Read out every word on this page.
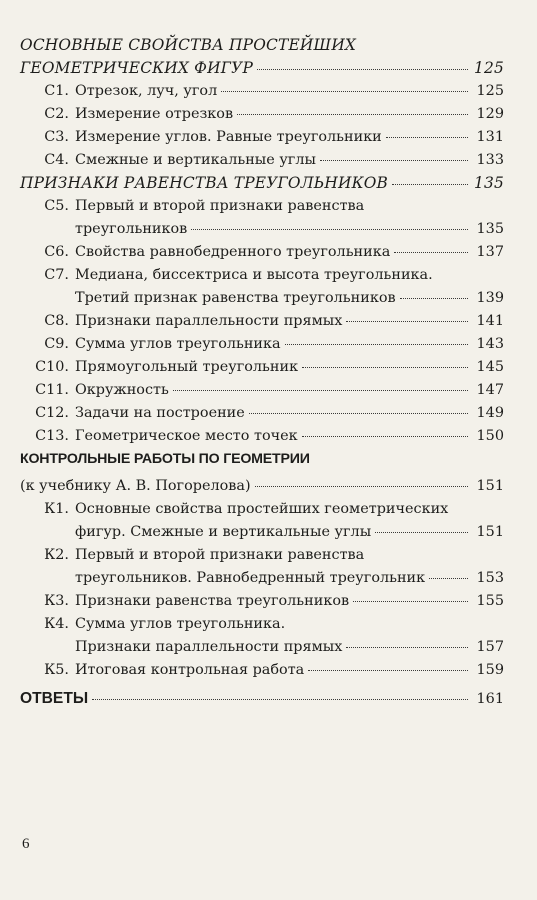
ОСНОВНЫЕ СВОЙСТВА ПРОСТЕЙШИХ
ГЕОМЕТРИЧЕСКИХ ФИГУР	125
С1. Отрезок, луч, угол	125
С2. Измерение отрезков	129
С3. Измерение углов. Равные треугольники	131
С4. Смежные и вертикальные углы	133
ПРИЗНАКИ РАВЕНСТВА ТРЕУГОЛЬНИКОВ	135
С5. Первый и второй признаки равенства
треугольников	135
С6. Свойства равнобедренного треугольника	137
С7. Медиана, биссектриса и высота треугольника.
Третий признак равенства треугольников	139
С8. Признаки параллельности прямых	141
С9. Сумма углов треугольника	143
С10. Прямоугольный треугольник	145
С11. Окружность	147
С12. Задачи на построение	149
С13. Геометрическое место точек	150
КОНТРОЛЬНЫЕ РАБОТЫ ПО ГЕОМЕТРИИ
(к учебнику А. В. Погорелова)	151
К1. Основные свойства простейших геометрических
фигур. Смежные и вертикальные углы	151
К2. Первый и второй признаки равенства
треугольников. Равнобедренный треугольник	153
К3. Признаки равенства треугольников	155
К4. Сумма углов треугольника.
Признаки параллельности прямых	157
К5. Итоговая контрольная работа	159
ОТВЕТЫ	161
6
